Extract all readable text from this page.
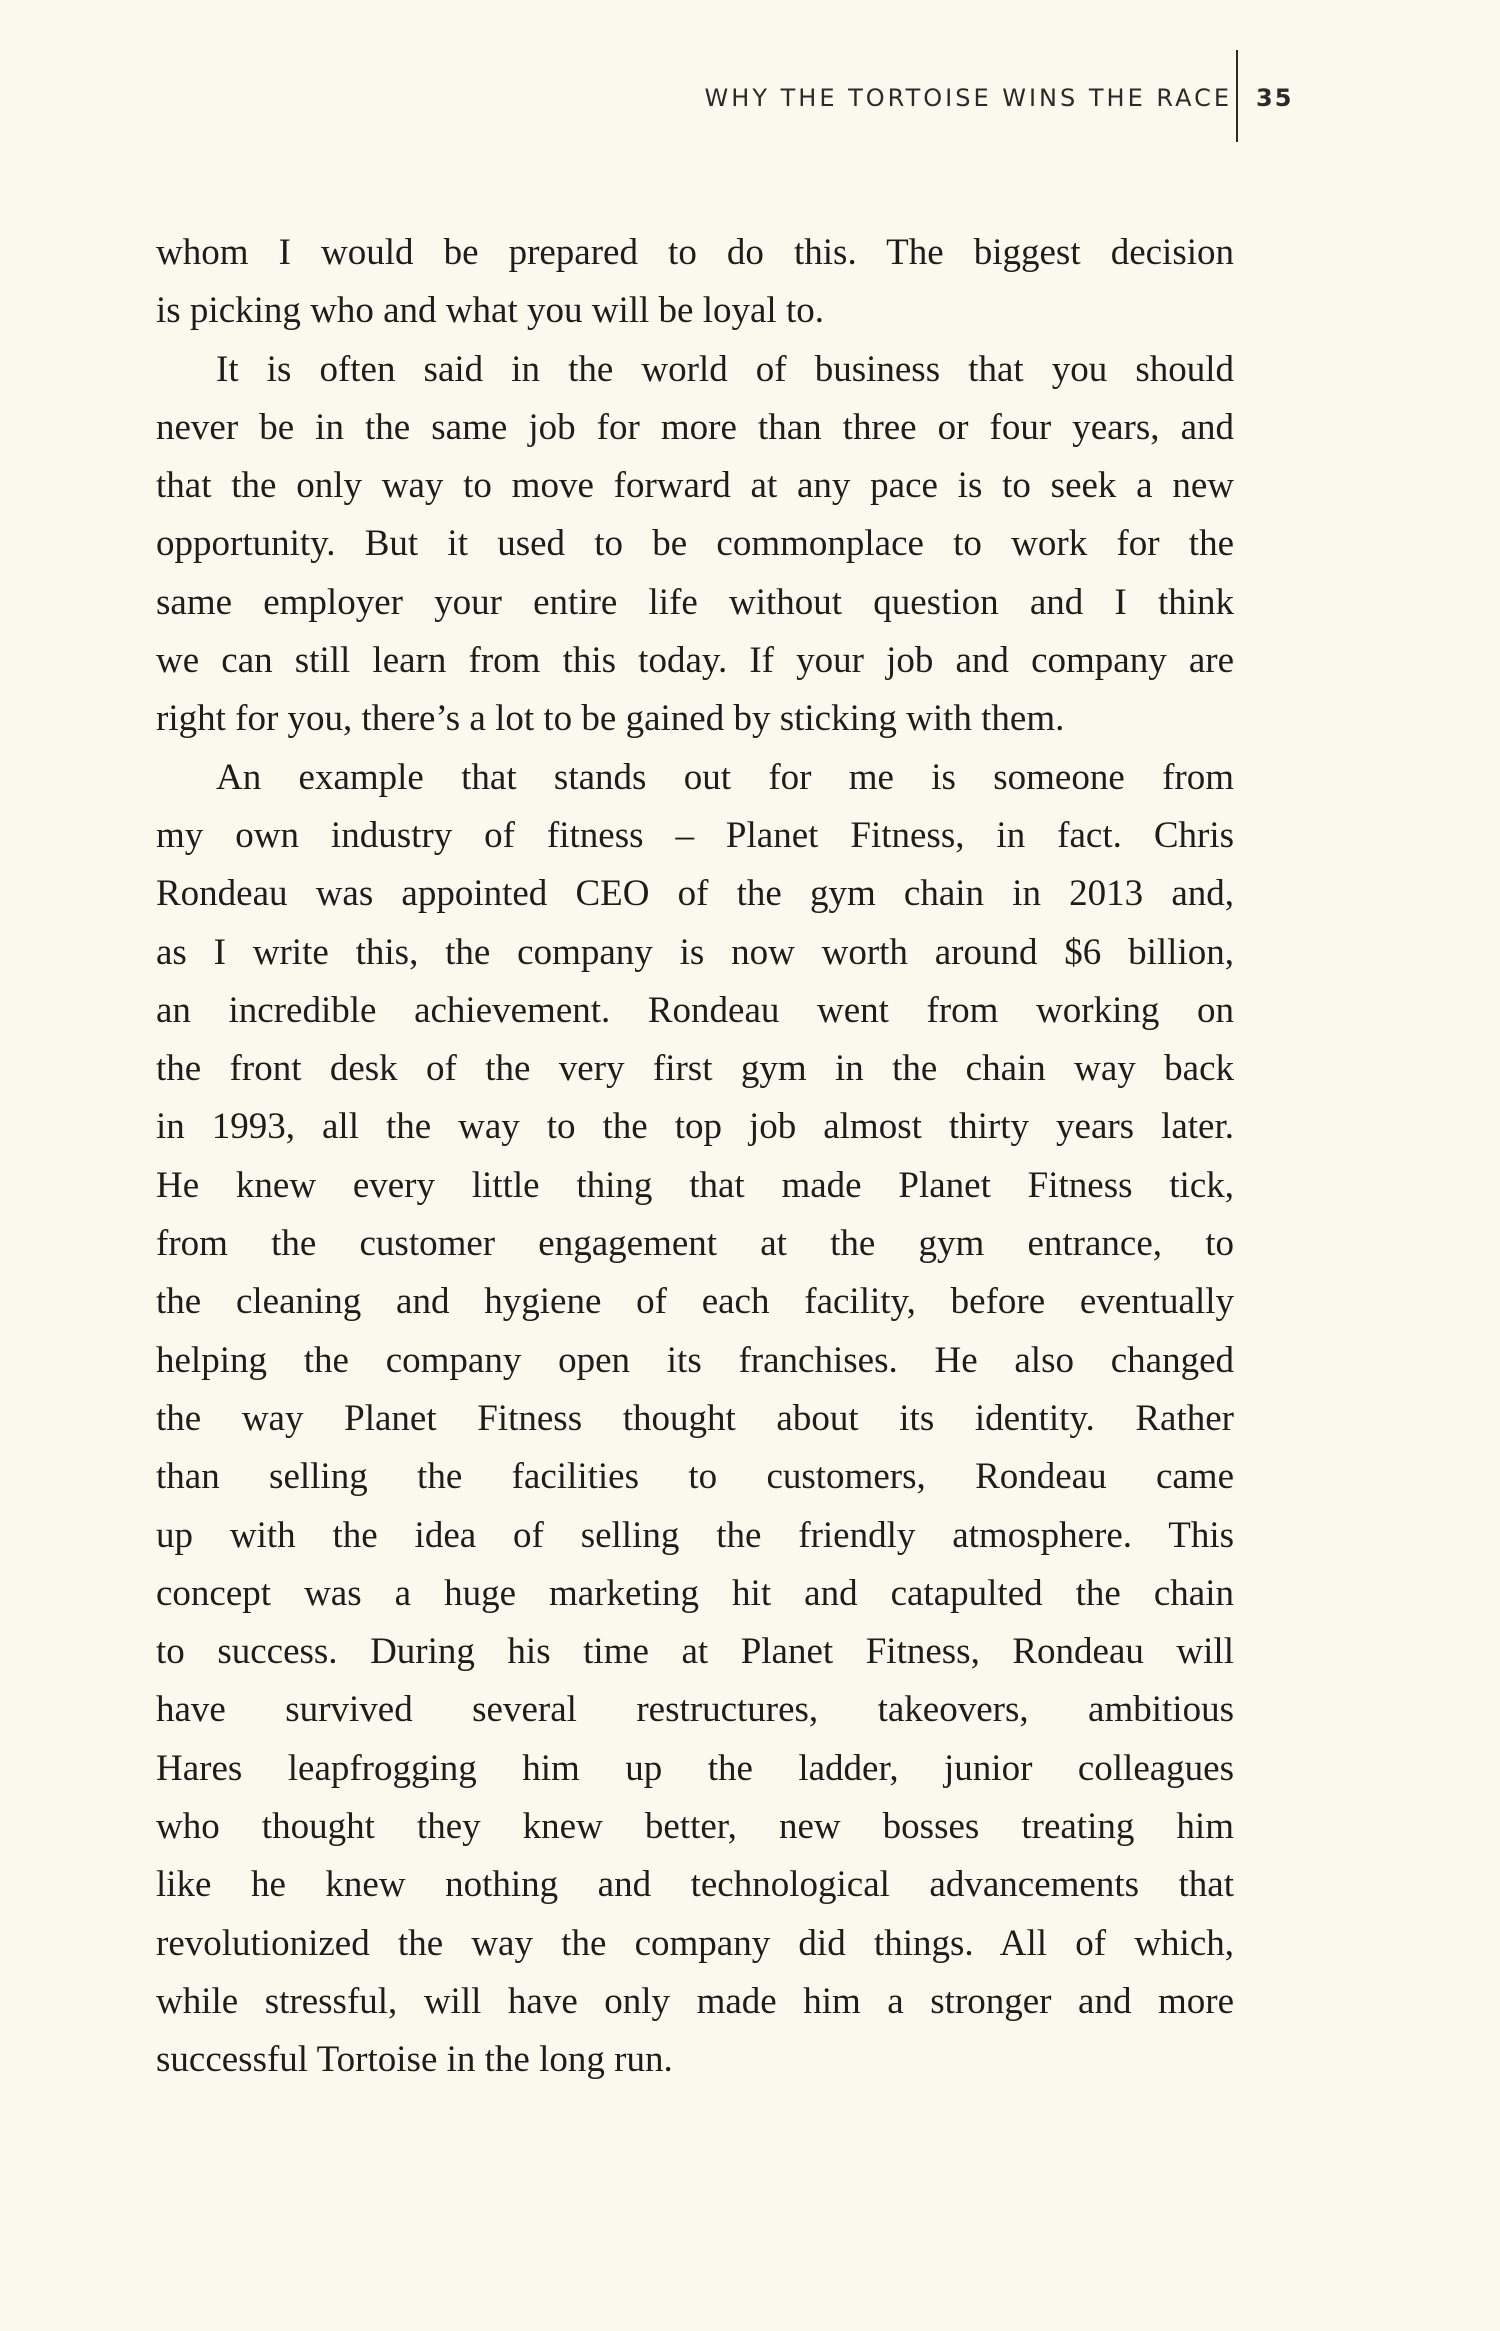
WHY THE TORTOISE WINS THE RACE 35
whom I would be prepared to do this. The biggest decision
is picking who and what you will be loyal to.
It is often said in the world of business that you should
never be in the same job for more than three or four years, and
that the only way to move forward at any pace is to seek a new
opportunity. But it used to be commonplace to work for the
same employer your entire life without question and I think
we can still learn from this today. If your job and company are
right for you, there’s a lot to be gained by sticking with them.
An example that stands out for me is someone from
my own industry of fitness – Planet Fitness, in fact. Chris
Rondeau was appointed CEO of the gym chain in 2013 and,
as I write this, the company is now worth around $6 billion,
an incredible achievement. Rondeau went from working on
the front desk of the very first gym in the chain way back
in 1993, all the way to the top job almost thirty years later.
He knew every little thing that made Planet Fitness tick,
from the customer engagement at the gym entrance, to
the cleaning and hygiene of each facility, before eventually
helping the company open its franchises. He also changed
the way Planet Fitness thought about its identity. Rather
than selling the facilities to customers, Rondeau came
up with the idea of selling the friendly atmosphere. This
concept was a huge marketing hit and catapulted the chain
to success. During his time at Planet Fitness, Rondeau will
have survived several restructures, takeovers, ambitious
Hares leapfrogging him up the ladder, junior colleagues
who thought they knew better, new bosses treating him
like he knew nothing and technological advancements that
revolutionized the way the company did things. All of which,
while stressful, will have only made him a stronger and more
successful Tortoise in the long run.
